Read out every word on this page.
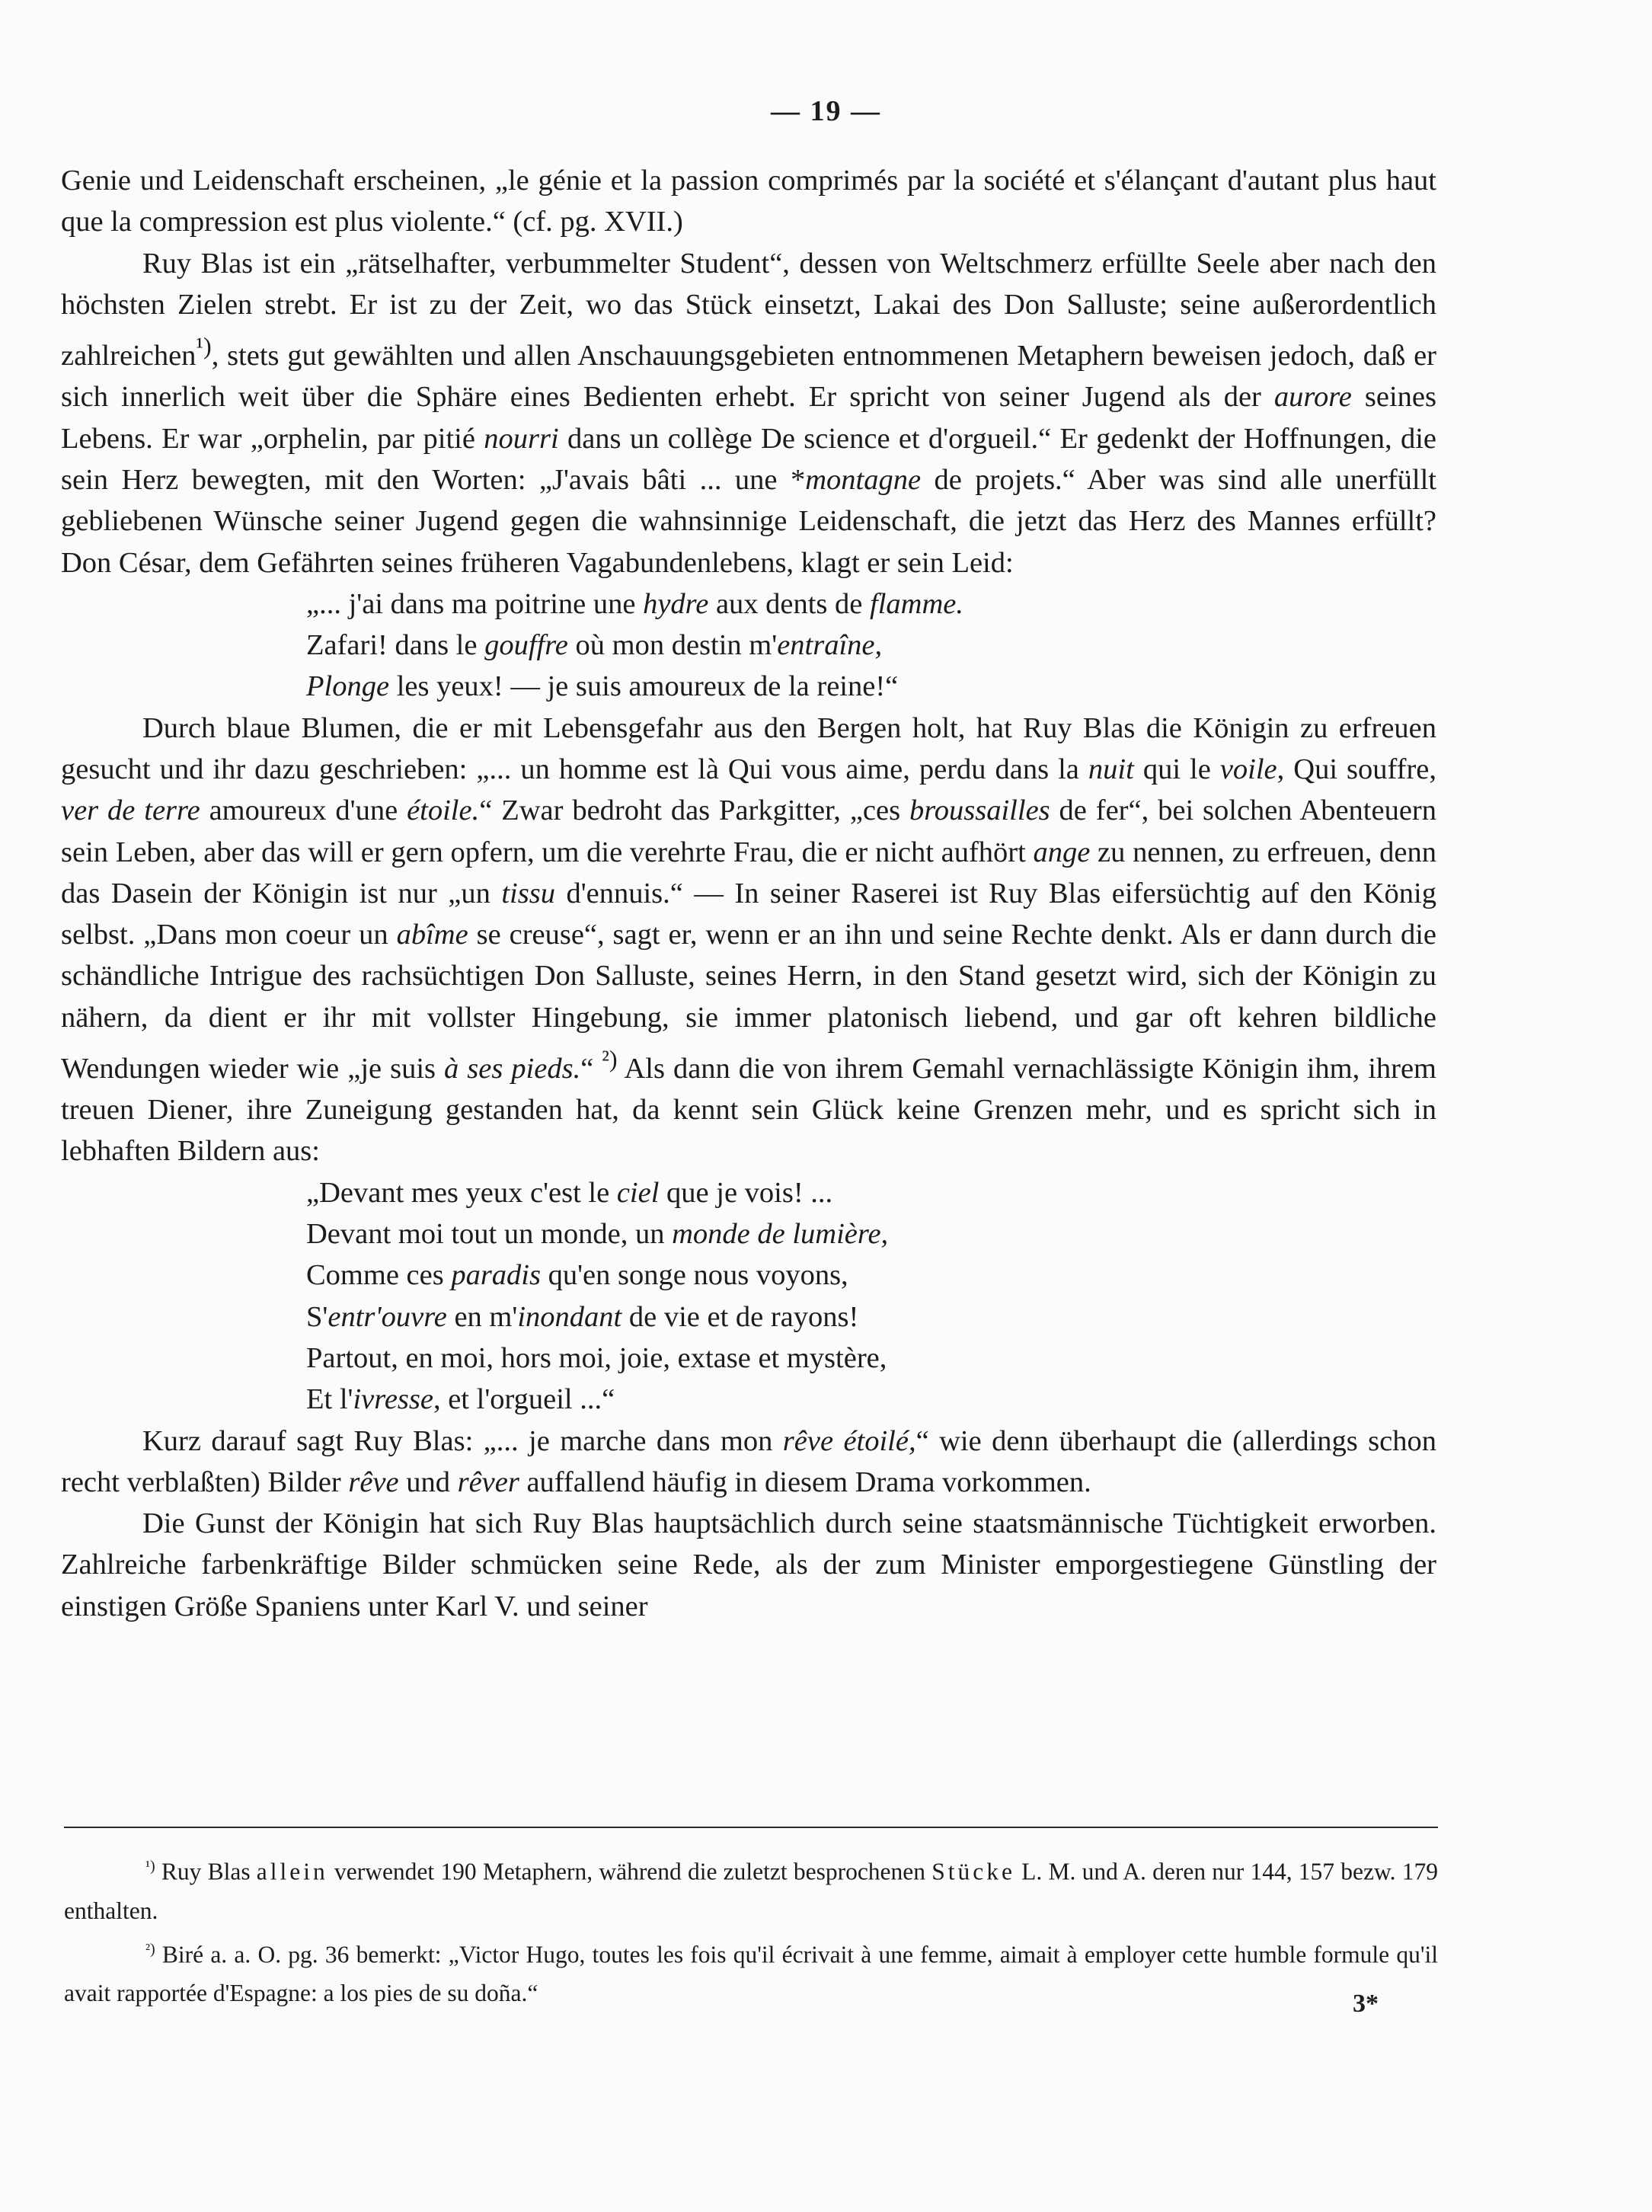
— 19 —

Genie und Leidenschaft erscheinen, „le génie et la passion comprimés par la société et s'élançant d'autant plus haut que la compression est plus violente.“ (cf. pg. XVII.)

Ruy Blas ist ein „rätselhafter, verbummelter Student“, dessen von Weltschmerz erfüllte Seele aber nach den höchsten Zielen strebt. Er ist zu der Zeit, wo das Stück einsetzt, Lakai des Don Salluste; seine außerordentlich zahlreichen$^{^1)}$, stets gut gewählten und allen Anschauungsgebieten entnommenen Metaphern beweisen jedoch, daß er sich innerlich weit über die Sphäre eines Bedienten erhebt. Er spricht von seiner Jugend als der aurore seines Lebens. Er war „orphelin, par pitié nourri dans un collège De science et d'orgueil.“ Er gedenkt der Hoffnungen, die sein Herz bewegten, mit den Worten: „J'avais bâti ... une *montagne de projets.“ Aber was sind alle unerfüllt gebliebenen Wünsche seiner Jugend gegen die wahnsinnige Leidenschaft, die jetzt das Herz des Mannes erfüllt? Don César, dem Gefährten seines früheren Vagabundenlebens, klagt er sein Leid:

„... j'ai dans ma poitrine une hydre aux dents de flamme.
Zafari! dans le gouffre où mon destin m'entraîne,
Plonge les yeux! — je suis amoureux de la reine!“

Durch blaue Blumen, die er mit Lebensgefahr aus den Bergen holt, hat Ruy Blas die Königin zu erfreuen gesucht und ihr dazu geschrieben: „... un homme est là Qui vous aime, perdu dans la nuit qui le voile, Qui souffre, ver de terre amoureux d'une étoile.“ Zwar bedroht das Parkgitter, „ces broussailles de fer“, bei solchen Abenteuern sein Leben, aber das will er gern opfern, um die verehrte Frau, die er nicht aufhört ange zu nennen, zu erfreuen, denn das Dasein der Königin ist nur „un tissu d'ennuis.“ — In seiner Raserei ist Ruy Blas eifersüchtig auf den König selbst. „Dans mon coeur un abîme se creuse“, sagt er, wenn er an ihn und seine Rechte denkt. Als er dann durch die schändliche Intrigue des rachsüchtigen Don Salluste, seines Herrn, in den Stand gesetzt wird, sich der Königin zu nähern, da dient er ihr mit vollster Hingebung, sie immer platonisch liebend, und gar oft kehren bildliche Wendungen wieder wie „je suis à ses pieds.“ $^{^2)}$ Als dann die von ihrem Gemahl vernachlässigte Königin ihm, ihrem treuen Diener, ihre Zuneigung gestanden hat, da kennt sein Glück keine Grenzen mehr, und es spricht sich in lebhaften Bildern aus:

„Devant mes yeux c'est le ciel que je vois! ...
Devant moi tout un monde, un monde de lumière,
Comme ces paradis qu'en songe nous voyons,
S'entr'ouvre en m'inondant de vie et de rayons!
Partout, en moi, hors moi, joie, extase et mystère,
Et l'ivresse, et l'orgueil ...“

Kurz darauf sagt Ruy Blas: „... je marche dans mon rêve étoilé,“ wie denn überhaupt die (allerdings schon recht verblaßten) Bilder rêve und rêver auffallend häufig in diesem Drama vorkommen.

Die Gunst der Königin hat sich Ruy Blas hauptsächlich durch seine staatsmännische Tüchtigkeit erworben. Zahlreiche farbenkräftige Bilder schmücken seine Rede, als der zum Minister emporgestiegene Günstling der einstigen Größe Spaniens unter Karl V. und seiner

$^{^1)}$ Ruy Blas allein verwendet 190 Metaphern, während die zuletzt besprochenen Stücke L. M. und A. deren nur 144, 157 bezw. 179 enthalten.

$^{^2)}$ Biré a. a. O. pg. 36 bemerkt: „Victor Hugo, toutes les fois qu'il écrivait à une femme, aimait à employer cette humble formule qu'il avait rapportée d'Espagne: a los pies de su doña.“	3*
